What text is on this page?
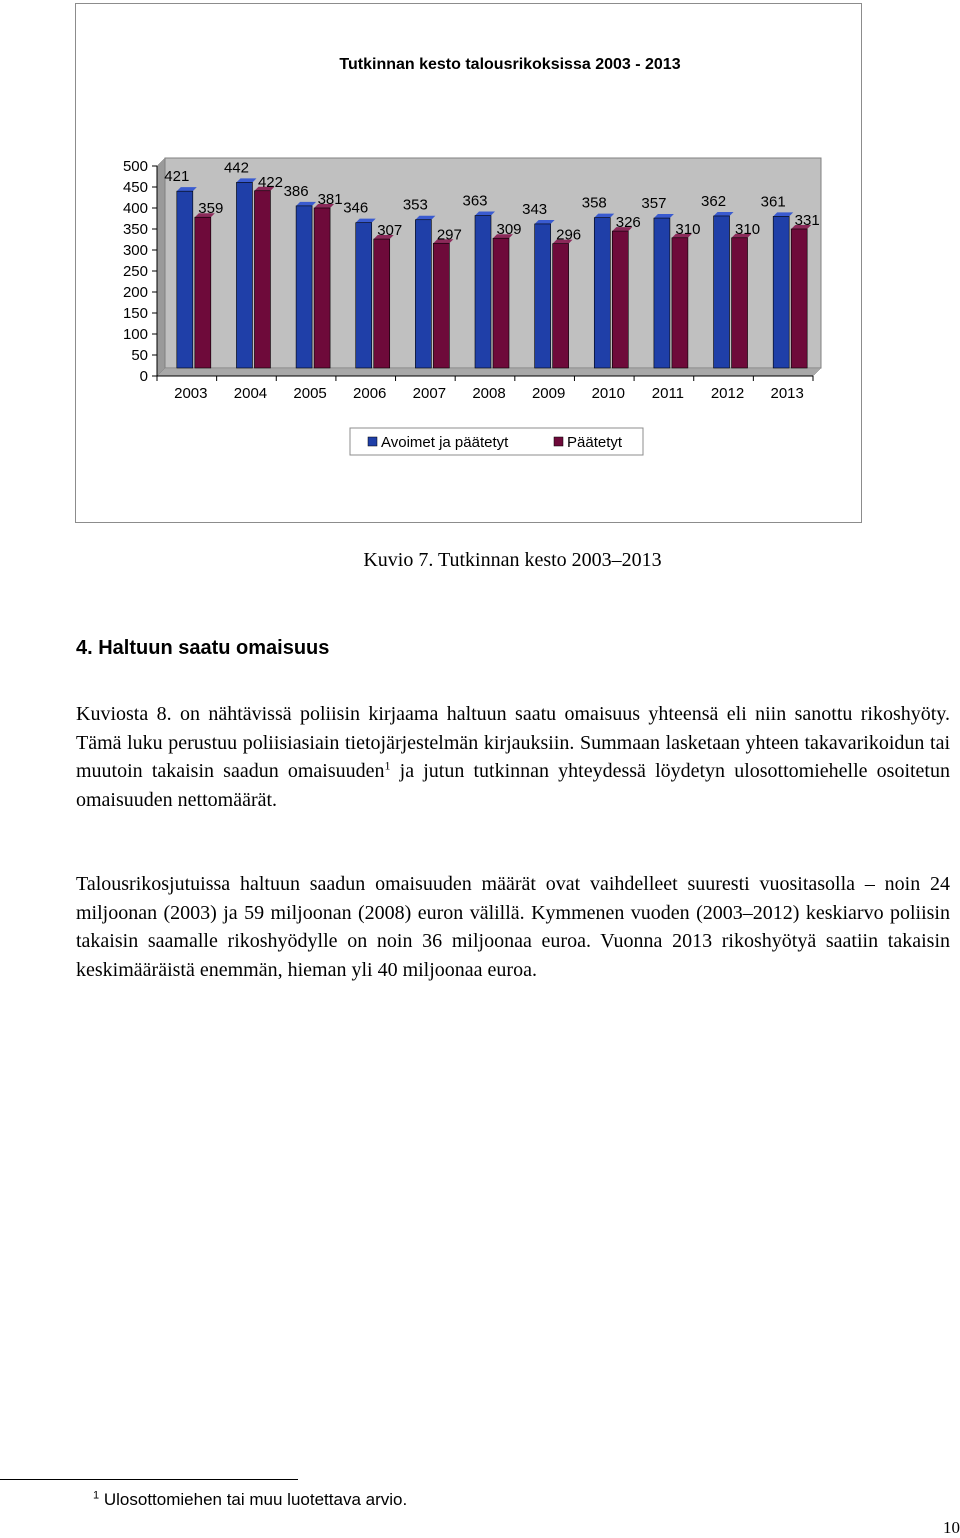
Tutkinnan kesto talousrikoksissa 2003 - 2013
0
50
100
150
200
250
300
350
400
450
500
2003
421
359
2004
442
422
2005
386 381
2006
346
307
2007
353
297
2008
363
309
2009
343
296
2010
358
326
2011
357
310
2012
362
310
2013
361
331
Avoimet ja päätetyt	Päätetyt
Kuvio 7. Tutkinnan kesto 2003–2013
4. Haltuun saatu omaisuus
Kuviosta 8. on nähtävissä poliisin kirjaama haltuun saatu omaisuus yhteensä eli niin sanottu rikoshyöty. Tämä luku perustuu poliisiasiain tietojärjestelmän kirjauksiin. Summaan lasketaan yhteen takavarikoidun tai muutoin takaisin saadun omaisuuden$^1$ ja jutun tutkinnan yhteydessä löydetyn ulosottomiehelle osoitetun omaisuuden nettomäärät.
Talousrikosjutuissa haltuun saadun omaisuuden määrät ovat vaihdelleet suuresti vuositasolla – noin 24 miljoonan (2003) ja 59 miljoonan (2008) euron välillä. Kymmenen vuoden (2003–2012) keskiarvo poliisin takaisin saamalle rikoshyödylle on noin 36 miljoonaa euroa. Vuonna 2013 rikoshyötyä saatiin takaisin keskimääräistä enemmän, hieman yli 40 miljoonaa euroa.
$^1$ Ulosottomiehen tai muu luotettava arvio.
10
